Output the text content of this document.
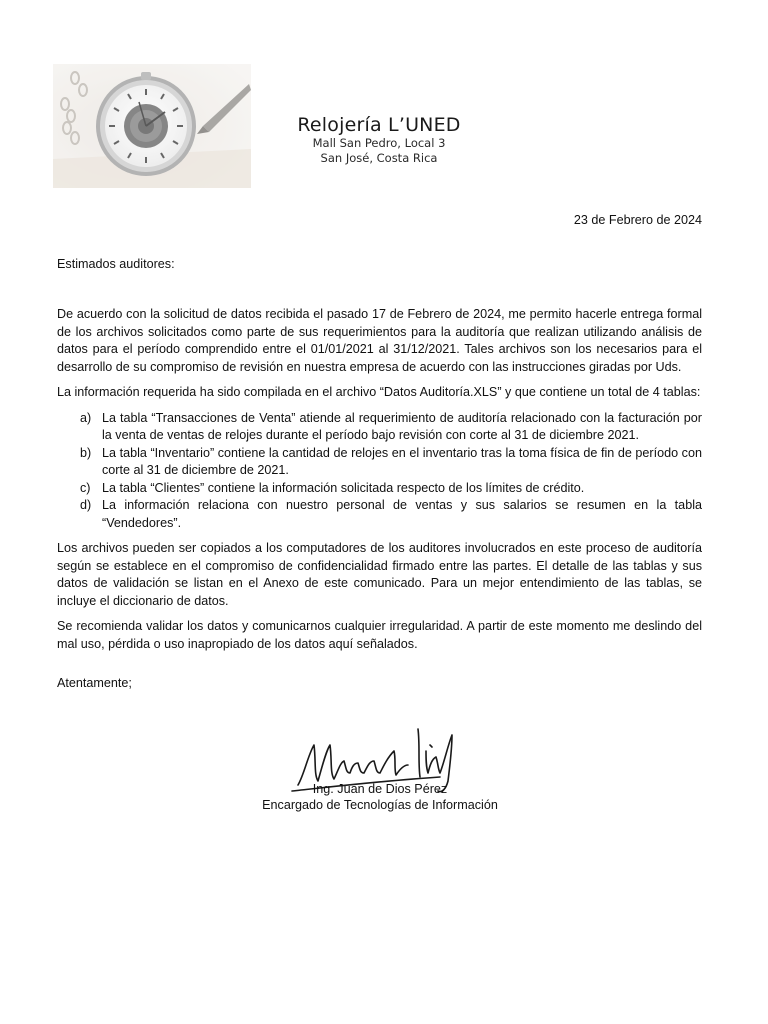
Relojería L’UNED
Mall San Pedro, Local 3
San José, Costa Rica
23 de Febrero de 2024
Estimados auditores:

De acuerdo con la solicitud de datos recibida el pasado 17 de Febrero de 2024, me permito hacerle entrega formal de los archivos solicitados como parte de sus requerimientos para la auditoría que realizan utilizando análisis de datos para el período comprendido entre el 01/01/2021 al 31/12/2021. Tales archivos son los necesarios para el desarrollo de su compromiso de revisión en nuestra empresa de acuerdo con las instrucciones giradas por Uds.

La información requerida ha sido compilada en el archivo “Datos Auditoría.XLS” y que contiene un total de 4 tablas:

a) La tabla “Transacciones de Venta” atiende al requerimiento de auditoría relacionado con la facturación por la venta de ventas de relojes durante el período bajo revisión con corte al 31 de diciembre 2021.
b) La tabla “Inventario” contiene la cantidad de relojes en el inventario tras la toma física de fin de período con corte al 31 de diciembre de 2021.
c) La tabla “Clientes” contiene la información solicitada respecto de los límites de crédito.
d) La información relaciona con nuestro personal de ventas y sus salarios se resumen en la tabla “Vendedores”.

Los archivos pueden ser copiados a los computadores de los auditores involucrados en este proceso de auditoría según se establece en el compromiso de confidencialidad firmado entre las partes. El detalle de las tablas y sus datos de validación se listan en el Anexo de este comunicado. Para un mejor entendimiento de las tablas, se incluye el diccionario de datos.

Se recomienda validar los datos y comunicarnos cualquier irregularidad. A partir de este momento me deslindo del mal uso, pérdida o uso inapropiado de los datos aquí señalados.

Atentamente;
Ing. Juan de Dios Pérez
Encargado de Tecnologías de Información
